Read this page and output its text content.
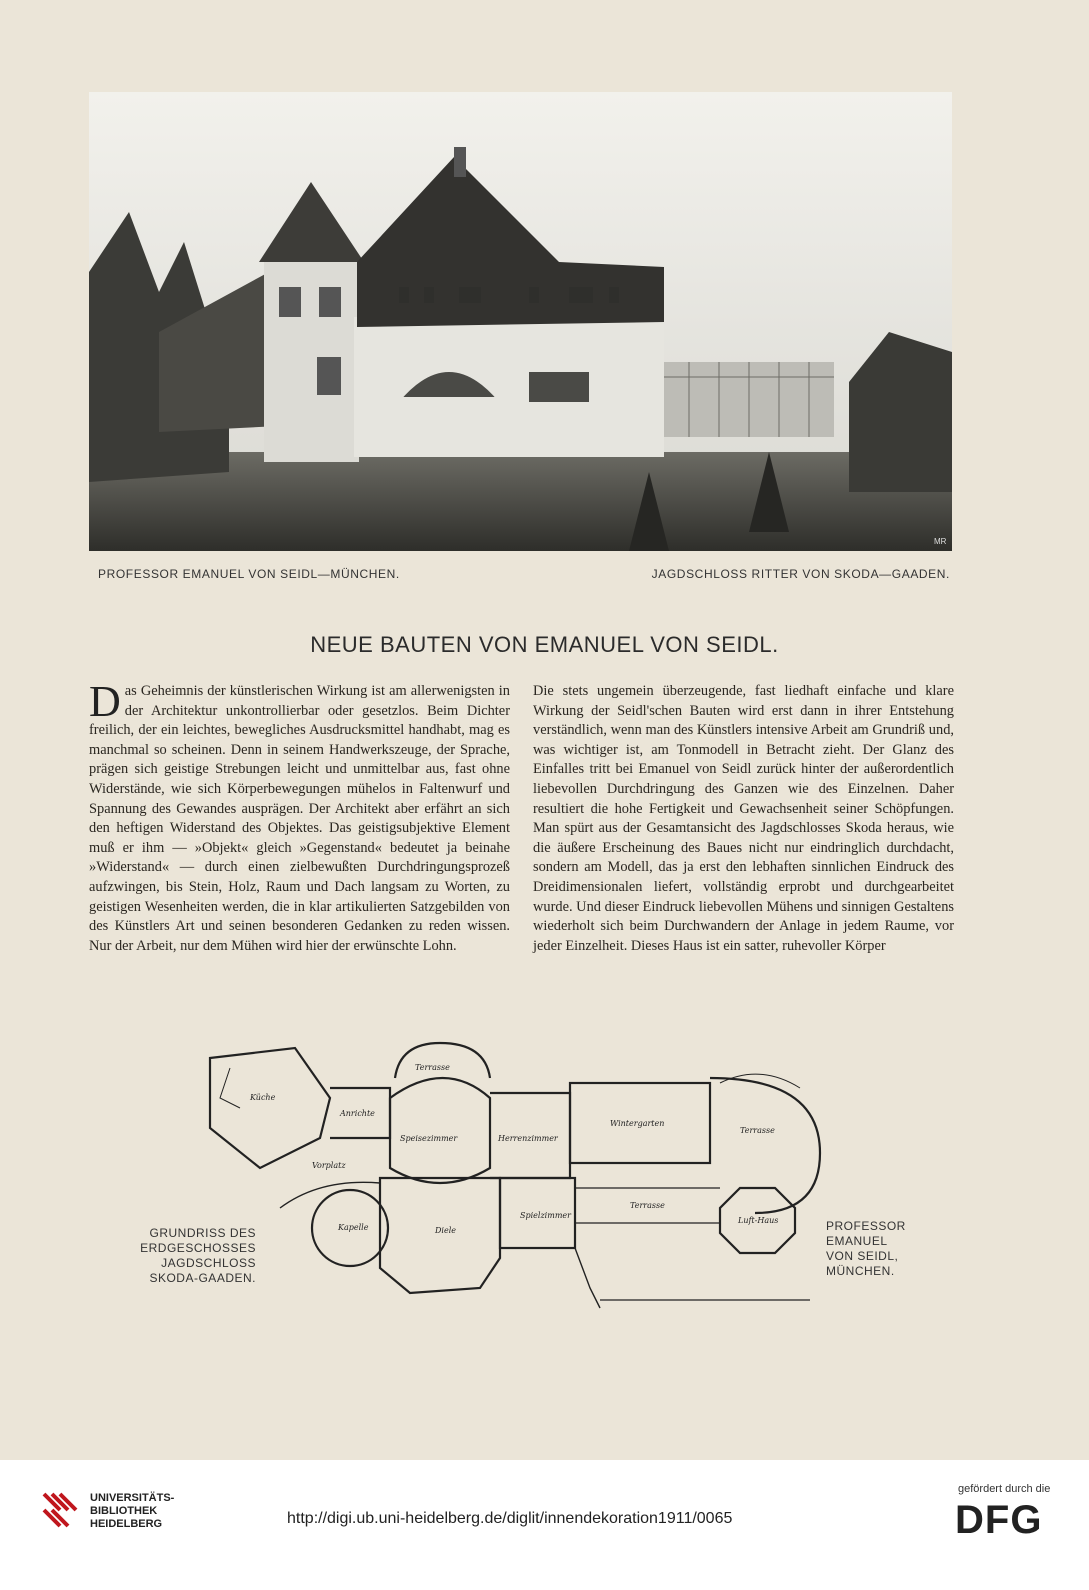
MR
PROFESSOR EMANUEL VON SEIDL—MÜNCHEN.	JAGDSCHLOSS RITTER VON SKODA—GAADEN.
NEUE BAUTEN VON EMANUEL VON SEIDL.

Das Geheimnis der künstlerischen Wirkung ist am allerwenigsten in der Architektur unkontrollierbar oder gesetzlos. Beim Dichter freilich, der ein leichtes, bewegliches Ausdrucksmittel handhabt, mag es manchmal so scheinen. Denn in seinem Handwerkszeuge, der Sprache, prägen sich geistige Strebungen leicht und unmittelbar aus, fast ohne Widerstände, wie sich Körperbewegungen mühelos in Faltenwurf und Spannung des Gewandes ausprägen. Der Architekt aber erfährt an sich den heftigen Widerstand des Objektes. Das geistigsubjektive Element muß er ihm — »Objekt« gleich »Gegenstand« bedeutet ja beinahe »Widerstand« — durch einen zielbewußten Durchdringungsprozeß aufzwingen, bis Stein, Holz, Raum und Dach langsam zu Worten, zu geistigen Wesenheiten werden, die in klar artikulierten Satzgebilden von des Künstlers Art und seinen besonderen Gedanken zu reden wissen. Nur der Arbeit, nur dem Mühen wird hier der erwünschte Lohn.

Die stets ungemein überzeugende, fast liedhaft einfache und klare Wirkung der Seidl'schen Bauten wird erst dann in ihrer Entstehung verständlich, wenn man des Künstlers intensive Arbeit am Grundriß und, was wichtiger ist, am Tonmodell in Betracht zieht. Der Glanz des Einfalles tritt bei Emanuel von Seidl zurück hinter der außerordentlich liebevollen Durchdringung des Ganzen wie des Einzelnen. Daher resultiert die hohe Fertigkeit und Gewachsenheit seiner Schöpfungen. Man spürt aus der Gesamtansicht des Jagdschlosses Skoda heraus, wie die äußere Erscheinung des Baues nicht nur eindringlich durchdacht, sondern am Modell, das ja erst den lebhaften sinnlichen Eindruck des Dreidimensionalen liefert, vollständig erprobt und durchgearbeitet wurde. Und dieser Eindruck liebevollen Mühens und sinnigen Gestaltens wiederholt sich beim Durchwandern der Anlage in jedem Raume, vor jeder Einzelheit. Dieses Haus ist ein satter, ruhevoller Körper

Küche
Anrichte
Terrasse
Speisezimmer	Herrenzimmer
Wintergarten
Terrasse
Terrasse
Luft-Haus
Vorplatz
Diele
Spielzimmer
Kapelle
GRUNDRISS DES
ERDGESCHOSSES
JAGDSCHLOSS
SKODA-GAADEN.
PROFESSOR
EMANUEL
VON SEIDL,
MÜNCHEN.
UNIVERSITÄTS-
BIBLIOTHEK
HEIDELBERG	http://digi.ub.uni-heidelberg.de/diglit/innendekoration1911/0065
gefördert durch die
DFG
